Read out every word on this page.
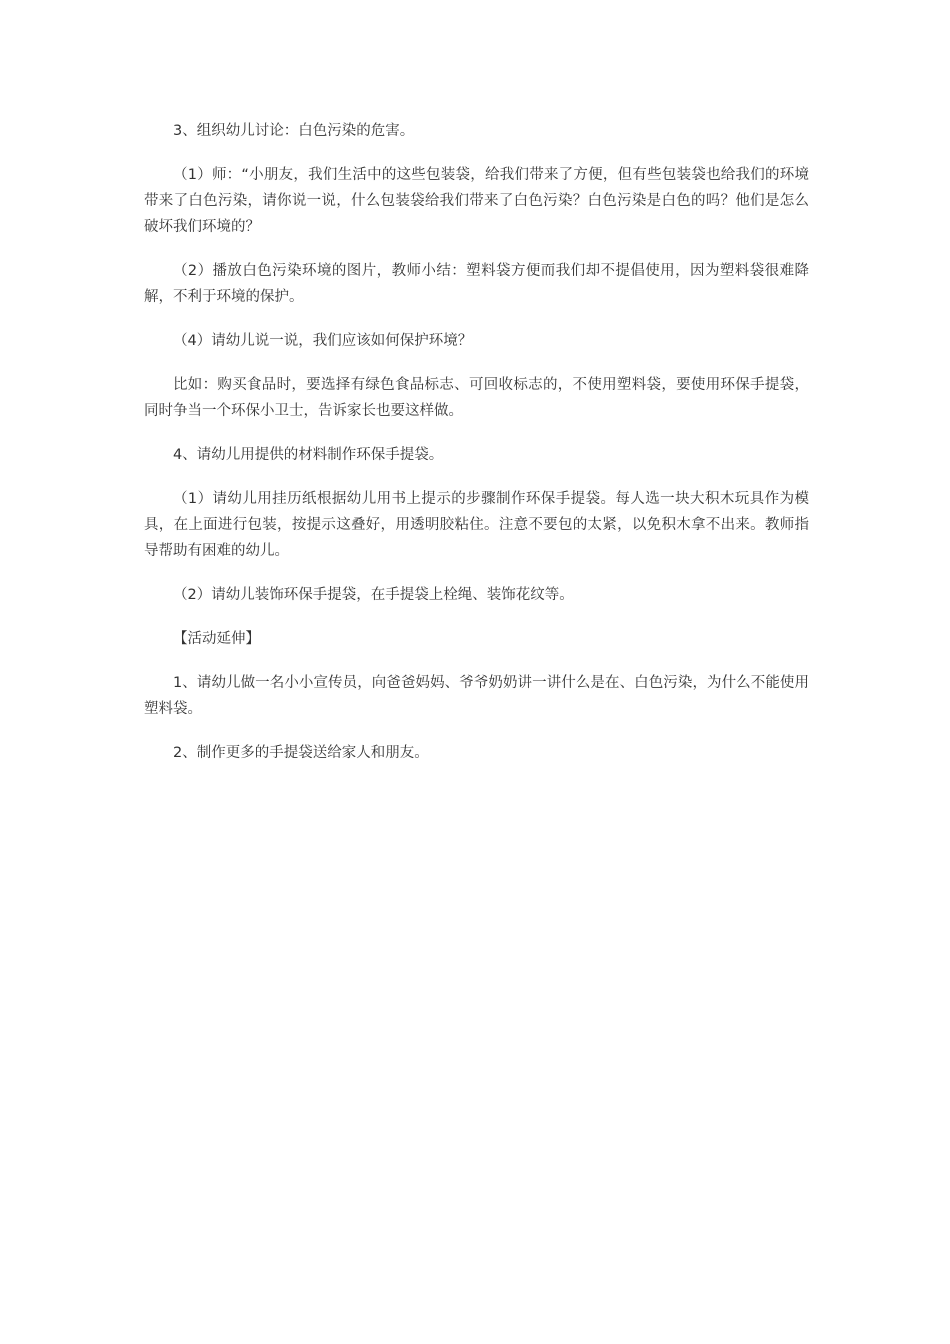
3、组织幼儿讨论：白色污染的危害。

（1）师：“小朋友，我们生活中的这些包装袋，给我们带来了方便，但有些包装袋也给我们的环境带来了白色污染，请你说一说，什么包装袋给我们带来了白色污染？白色污染是白色的吗？他们是怎么破坏我们环境的？

（2）播放白色污染环境的图片，教师小结：塑料袋方便而我们却不提倡使用，因为塑料袋很难降解，不利于环境的保护。

（4）请幼儿说一说，我们应该如何保护环境？

比如：购买食品时，要选择有绿色食品标志、可回收标志的，不使用塑料袋，要使用环保手提袋，同时争当一个环保小卫士，告诉家长也要这样做。

4、请幼儿用提供的材料制作环保手提袋。

（1）请幼儿用挂历纸根据幼儿用书上提示的步骤制作环保手提袋。每人选一块大积木玩具作为模具，在上面进行包装，按提示这叠好，用透明胶粘住。注意不要包的太紧，以免积木拿不出来。教师指导帮助有困难的幼儿。

（2）请幼儿装饰环保手提袋，在手提袋上栓绳、装饰花纹等。

【活动延伸】

1、请幼儿做一名小小宣传员，向爸爸妈妈、爷爷奶奶讲一讲什么是在、白色污染，为什么不能使用塑料袋。

2、制作更多的手提袋送给家人和朋友。
